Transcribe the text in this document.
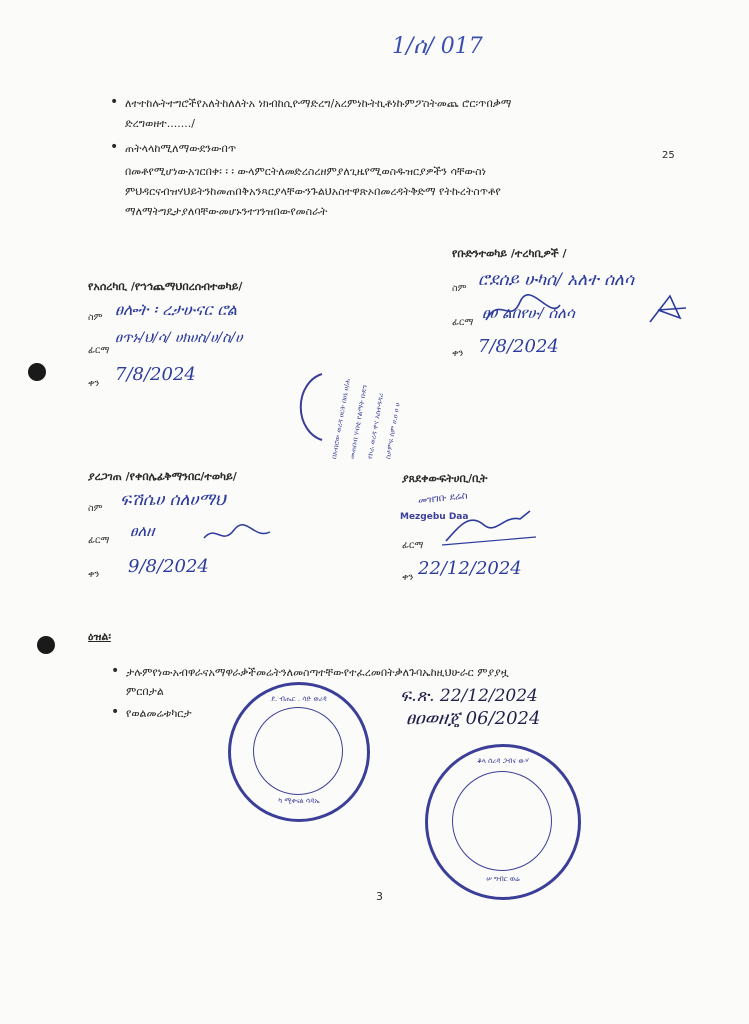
1/ሰ/ 017
• ለተተከሉትተግሮችየአለትከለለትአ ነክብከሲዮማድረግ/አረምነኩትኪቶነኩምፖስትመጨ ሮር፡ጥበቃማ
ድረግወዘተ......./
• ጠትላላከሚለማውደንውበጥ
25
በመቶየሚሆነውአገርበቀ፡ ፡ ፡ ውላምርትለመድረስረዘምያለጊዜየሚወስዱዝርያዎችን ሳቸውስነ
ምህዳርናብዝሃህይትንከመጠበቅአንጻርያላቸውንጉልህአስተዋጽኦበመረዳትቅድማ የትኩረትስጥቶየ
ማለማትግዴታያለባቸውመሆኑንተገንዝበውየመስራት
የቡድንተወካይ /ተረካቢዎች /
ስም ሮደሰይ ሁካሰ/ አለተ ሰለሳ
ፊርማ
ፀሀ ልበየሁ/ ሰለሳ
ቀን 7/8/2024
የአሰረካቢ /የኀኅጨማህበረሰብተወካይ/
ስም ፀሎት ፡ ረታሁናር ሮል
ፊርማ
ፀጥኑ/ህ/ሳ/ ሀክሀስ/ሀ/ስ/ሀ
ቀን 7/8/2024
በአብሮው ወረዳ ሀርት በሀኔ ሀ/ሐ
መጠበብ ሃብቲ የልማት ቡድን
የኮራ ወረዳ ዋና አስተዳዳሪ
ስታምፍ ስም ሀ.ሀ ሀ ሀ
ያረጋገጠ /የቀበሌፊቅማንበር/ተወካይ/
ስም ፍሽሴሀ ሰለሀማህ
ፊርማ
ፀለዘ
ቀን 9/8/2024
ያጸደቀውፍትሀቢ/ቢት
መዝገቡ ደሬስ
Mezgebu Daa
ፊርማ
ቀን 22/12/2024
ዕዝል፡
• ታሉምየነውአብዋራናአማዋራቃችመሬትንለመስጣተቸውየተፈረመበትቃለጉባኤከዚህሁራር ምያያዟ
ምርበታል
• የወልመሬቱካርታ
ፍ.ጽ. 22/12/2024
ፀዐወዘጄ 06/2024
ደ. ብሔር . ሳድ ወረዳ
ካ ሚቀናል ሳዳኤ
ቆላ ሰረዳ ጋብና ውሃ
ሠ ግብር ወሬ
3
